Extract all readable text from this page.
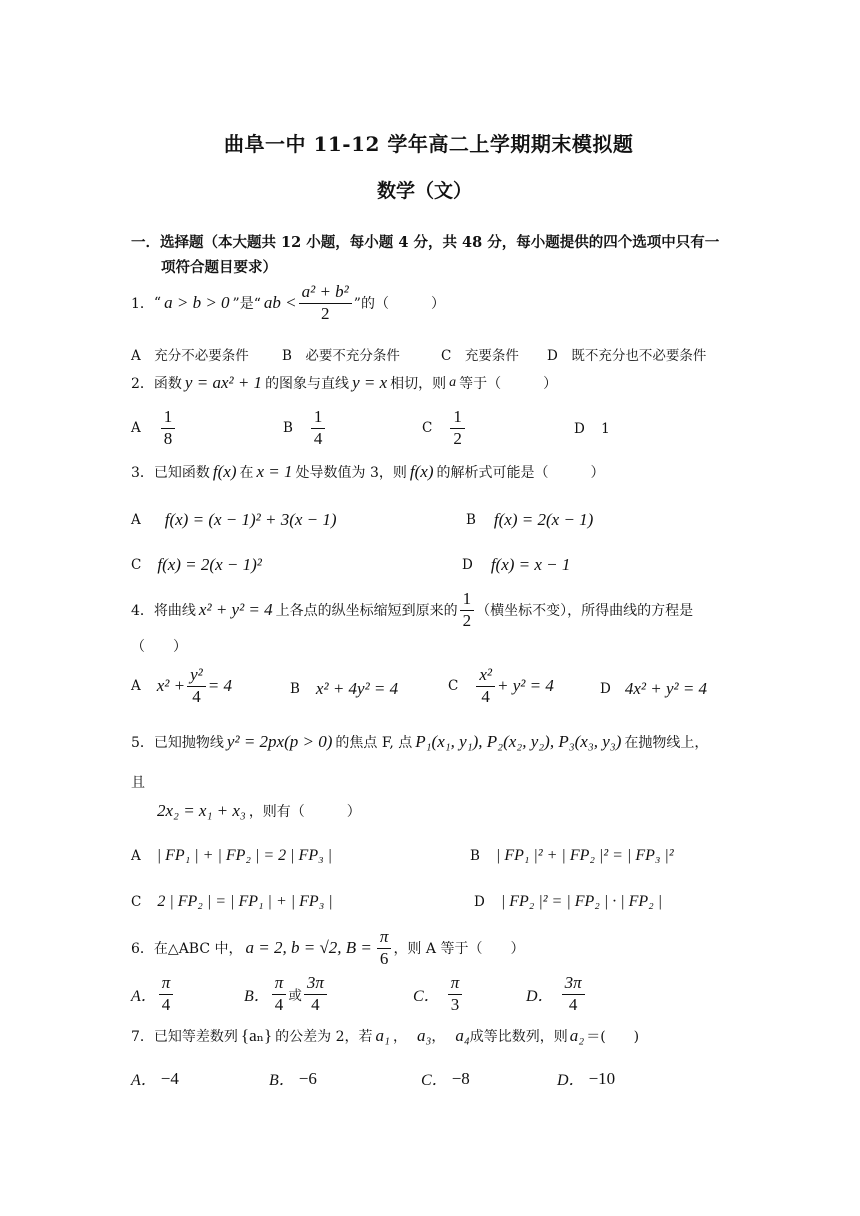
曲阜一中 11-12 学年高二上学期期末模拟题
数学（文）
一．选择题（本大题共 12 小题，每小题 4 分，共 48 分，每小题提供的四个选项中只有一
项符合题目要求）
1． “ a > b > 0 ”是“ ab < $\frac{\text{a² + b²}}{2}$ ”的（　　　）
A　充分不必要条件 B　必要不充分条件	C　充要条件 D　既不充分也不必要条件
2． 函数 y = ax² + 1 的图象与直线 y = x 相切，则 a 等于（　　　）
A $\frac{1}{8}$	B $\frac{1}{4}$	C $\frac{1}{2}$	D 1
3． 已知函数 f(x) 在 x = 1 处导数值为 3，则 f(x) 的解析式可能是（　　　）
A f(x) = (x − 1)² + 3(x − 1)	B f(x) = 2(x − 1)
C f(x) = 2(x − 1)²	D f(x) = x − 1
4． 将曲线 x² + y² = 4 上各点的纵坐标缩短到原来的 $\frac{1}{2}$ （横坐标不变），所得曲线的方程是
（　　）
A $x^2 + \frac{\text{y²}}{4} = 4$	B x² + 4y² = 4	C $\frac{\text{x²}}{4} + y^2 = 4$	D 4x² + y² = 4
5． 已知抛物线 y² = 2px(p > 0) 的焦点 F, 点 P₁(x₁, y₁), P₂(x₂, y₂), P₃(x₃, y₃) 在抛物线上，
且
2x₂ = x₁ + x₃ ，则有（　　　）
A | FP₁ | + | FP₂ | = 2 | FP₃ |	B | FP₁ |² + | FP₂ |² = | FP₃ |²
C 2 | FP₂ | = | FP₁ | + | FP₃ |	D | FP₂ |² = | FP₂ | · | FP₂ |
6． 在△ABC 中， a = 2, b = √2, $B = \frac{\pi}{6}$ ，则 A 等于（　　）
A． $\frac{\pi}{4}$	B． $\frac{\pi}{4}$ 或 $\frac{3\pi}{4}$	C． $\frac{\pi}{3}$	D． $\frac{3\pi}{4}$
7． 已知等差数列 {aₙ} 的公差为 2，若 a₁ ， a₃ ， a₄ 成等比数列，则 a₂ ＝(　　)
A． −4	B． −6	C． −8	D． −10
